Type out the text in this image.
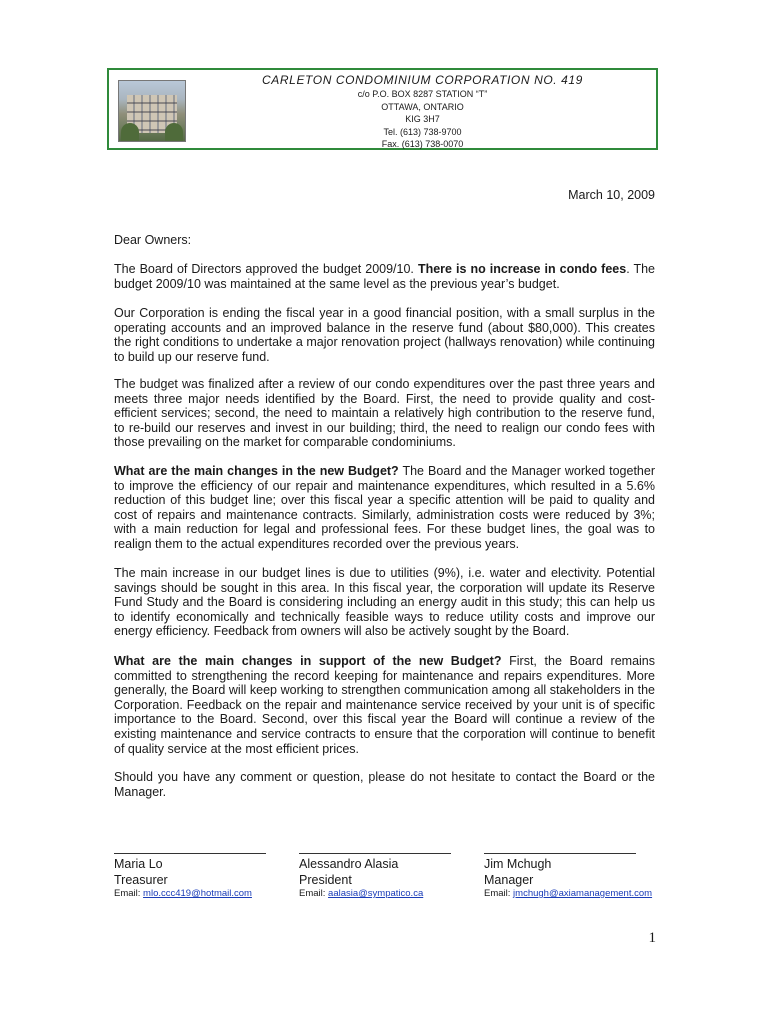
CARLETON CONDOMINIUM CORPORATION NO. 419
c/o P.O. BOX 8287 STATION “T”
OTTAWA, ONTARIO
KIG 3H7
Tel. (613) 738-9700
Fax. (613) 738-0070
March 10, 2009

Dear Owners:

The Board of Directors approved the budget 2009/10. There is no increase in condo fees. The budget 2009/10 was maintained at the same level as the previous year’s budget.

Our Corporation is ending the fiscal year in a good financial position, with a small surplus in the operating accounts and an improved balance in the reserve fund (about $80,000). This creates the right conditions to undertake a major renovation project (hallways renovation) while continuing to build up our reserve fund.

The budget was finalized after a review of our condo expenditures over the past three years and meets three major needs identified by the Board. First, the need to provide quality and cost-efficient services; second, the need to maintain a relatively high contribution to the reserve fund, to re-build our reserves and invest in our building; third, the need to realign our condo fees with those prevailing on the market for comparable condominiums.

What are the main changes in the new Budget? The Board and the Manager worked together to improve the efficiency of our repair and maintenance expenditures, which resulted in a 5.6% reduction of this budget line; over this fiscal year a specific attention will be paid to quality and cost of repairs and maintenance contracts. Similarly, administration costs were reduced by 3%; with a main reduction for legal and professional fees. For these budget lines, the goal was to realign them to the actual expenditures recorded over the previous years.

The main increase in our budget lines is due to utilities (9%), i.e. water and electivity. Potential savings should be sought in this area. In this fiscal year, the corporation will update its Reserve Fund Study and the Board is considering including an energy audit in this study; this can help us to identify economically and technically feasible ways to reduce utility costs and improve our energy efficiency. Feedback from owners will also be actively sought by the Board.

What are the main changes in support of the new Budget? First, the Board remains committed to strengthening the record keeping for maintenance and repairs expenditures. More generally, the Board will keep working to strengthen communication among all stakeholders in the Corporation. Feedback on the repair and maintenance service received by your unit is of specific importance to the Board. Second, over this fiscal year the Board will continue a review of the existing maintenance and service contracts to ensure that the corporation will continue to benefit of quality service at the most efficient prices.

Should you have any comment or question, please do not hesitate to contact the Board or the Manager.

Maria Lo
Treasurer
Email: mlo.ccc419@hotmail.com
Alessandro Alasia
President
Email: aalasia@sympatico.ca
Jim Mchugh
Manager
Email: jmchugh@axiamanagement.com
1
